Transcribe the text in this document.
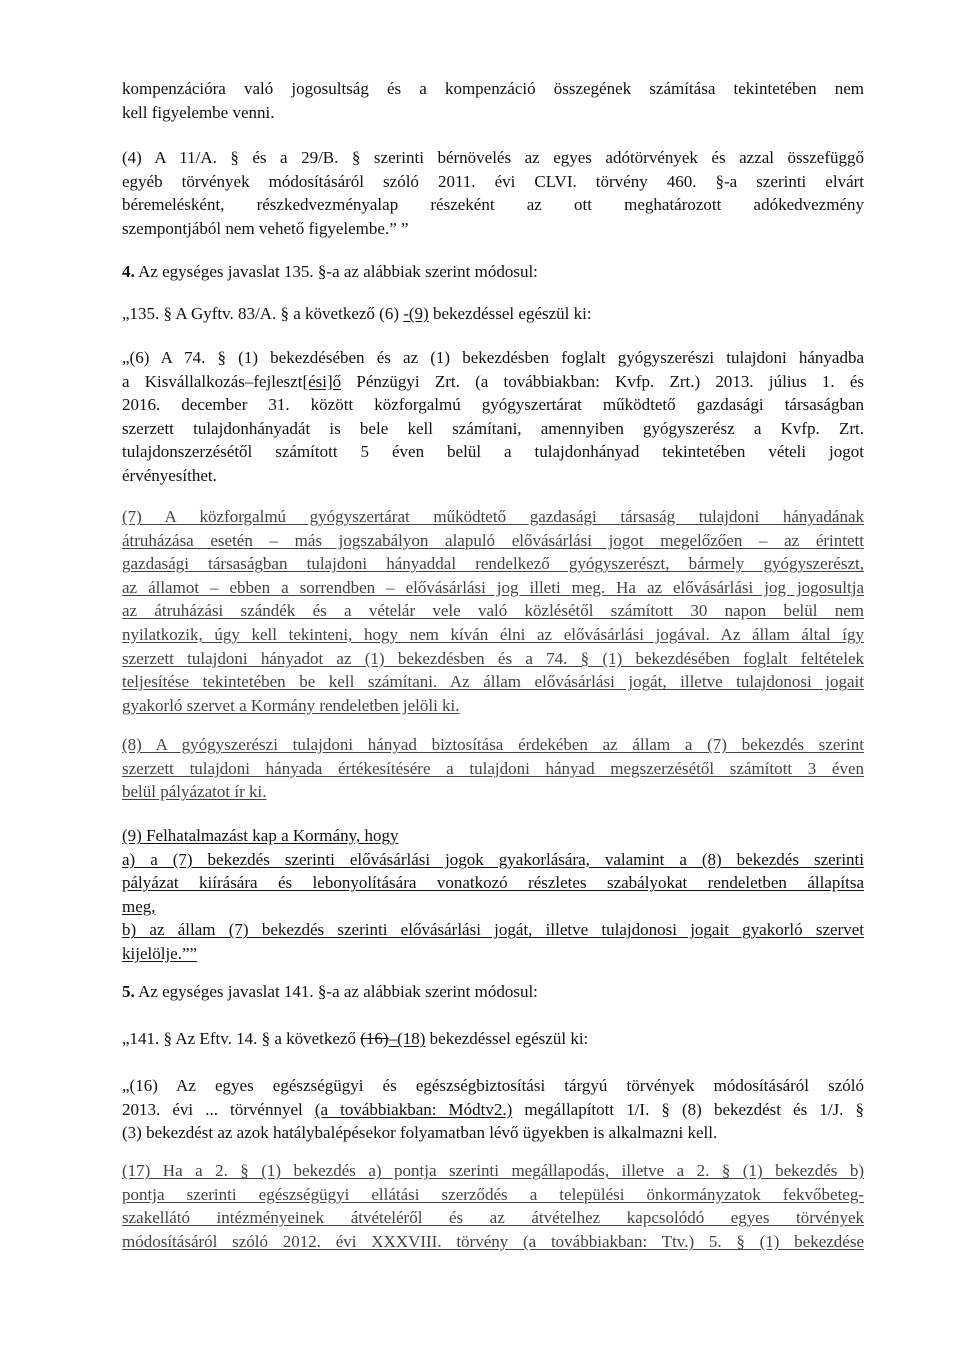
kompenzációra való jogosultság és a kompenzáció összegének számítása tekintetében nem
kell figyelembe venni.
(4) A 11/A. § és a 29/B. § szerinti bérnövelés az egyes adótörvények és azzal összefüggő
egyéb törvények módosításáról szóló 2011. évi CLVI. törvény 460. §-a szerinti elvárt
béremelésként, részkedvezményalap részeként az ott meghatározott adókedvezmény
szempontjából nem vehető figyelembe.” ”
4. Az egységes javaslat 135. §-a az alábbiak szerint módosul:
„135. § A Gyftv. 83/A. § a következő (6) -(9) bekezdéssel egészül ki:
„(6) A 74. § (1) bekezdésében és az (1) bekezdésben foglalt gyógyszerészi tulajdoni hányadba
a Kisvállalkozás–fejleszt[ési]ő Pénzügyi Zrt. (a továbbiakban: Kvfp. Zrt.) 2013. július 1. és
2016. december 31. között közforgalmú gyógyszertárat működtető gazdasági társaságban
szerzett tulajdonhányadát is bele kell számítani, amennyiben gyógyszerész a Kvfp. Zrt.
tulajdonszerzésétől számított 5 éven belül a tulajdonhányad tekintetében vételi jogot
érvényesíthet.
(7) A közforgalmú gyógyszertárat működtető gazdasági társaság tulajdoni hányadának
átruházása esetén – más jogszabályon alapuló elővásárlási jogot megelőzően – az érintett
gazdasági társaságban tulajdoni hányaddal rendelkező gyógyszerészt, bármely gyógyszerészt,
az államot – ebben a sorrendben – elővásárlási jog illeti meg. Ha az elővásárlási jog jogosultja
az átruházási szándék és a vételár vele való közlésétől számított 30 napon belül nem
nyilatkozik, úgy kell tekinteni, hogy nem kíván élni az elővásárlási jogával. Az állam által így
szerzett tulajdoni hányadot az (1) bekezdésben és a 74. § (1) bekezdésében foglalt feltételek
teljesítése tekintetében be kell számítani. Az állam elővásárlási jogát, illetve tulajdonosi jogait
gyakorló szervet a Kormány rendeletben jelöli ki.
(8) A gyógyszerészi tulajdoni hányad biztosítása érdekében az állam a (7) bekezdés szerint
szerzett tulajdoni hányada értékesítésére a tulajdoni hányad megszerzésétől számított 3 éven
belül pályázatot ír ki.
(9) Felhatalmazást kap a Kormány, hogy
a) a (7) bekezdés szerinti elővásárlási jogok gyakorlására, valamint a (8) bekezdés szerinti
pályázat kiírására és lebonyolítására vonatkozó részletes szabályokat rendeletben állapítsa
meg,
b) az állam (7) bekezdés szerinti elővásárlási jogát, illetve tulajdonosi jogait gyakorló szervet
kijelölje.””
5. Az egységes javaslat 141. §-a az alábbiak szerint módosul:
„141. § Az Eftv. 14. § a következő (16)–(18) bekezdéssel egészül ki:
„(16) Az egyes egészségügyi és egészségbiztosítási tárgyú törvények módosításáról szóló
2013. évi ... törvénnyel (a továbbiakban: Módtv2.) megállapított 1/I. § (8) bekezdést és 1/J. §
(3) bekezdést az azok hatálybalépésekor folyamatban lévő ügyekben is alkalmazni kell.
(17) Ha a 2. § (1) bekezdés a) pontja szerinti megállapodás, illetve a 2. § (1) bekezdés b)
pontja szerinti egészségügyi ellátási szerződés a települési önkormányzatok fekvőbeteg-
szakellátó intézményeinek átvételéről és az átvételhez kapcsolódó egyes törvények
módosításáról szóló 2012. évi XXXVIII. törvény (a továbbiakban: Ttv.) 5. § (1) bekezdése
